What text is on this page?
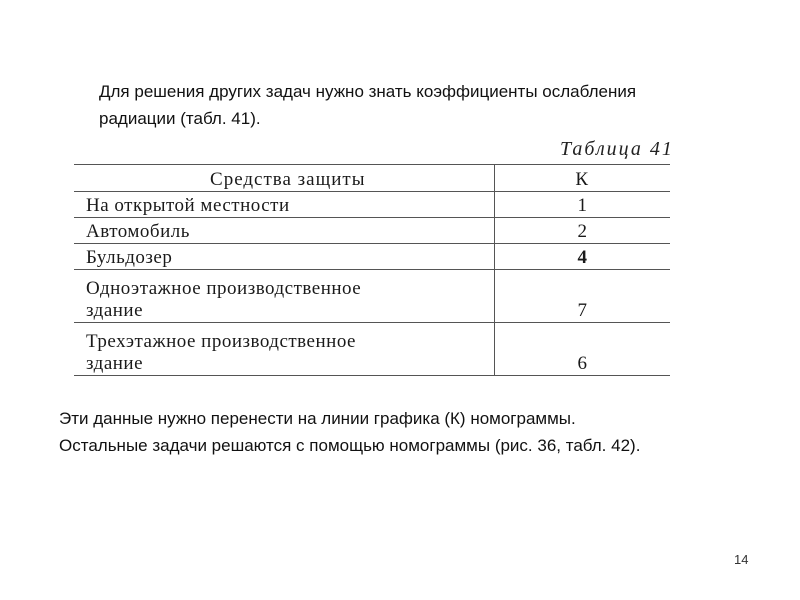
Для решения других задач нужно знать коэффициенты ослабления
радиации (табл. 41).

Таблица 41
Средства защиты	К

На открытой местности	1

Автомобиль	2

Бульдозер	4

Одноэтажное производственное
здание	7

Трехэтажное производственное
здание	6

Эти данные нужно перенести на линии графика (К) номограммы.
Остальные задачи решаются с помощью номограммы (рис. 36, табл. 42).

14
